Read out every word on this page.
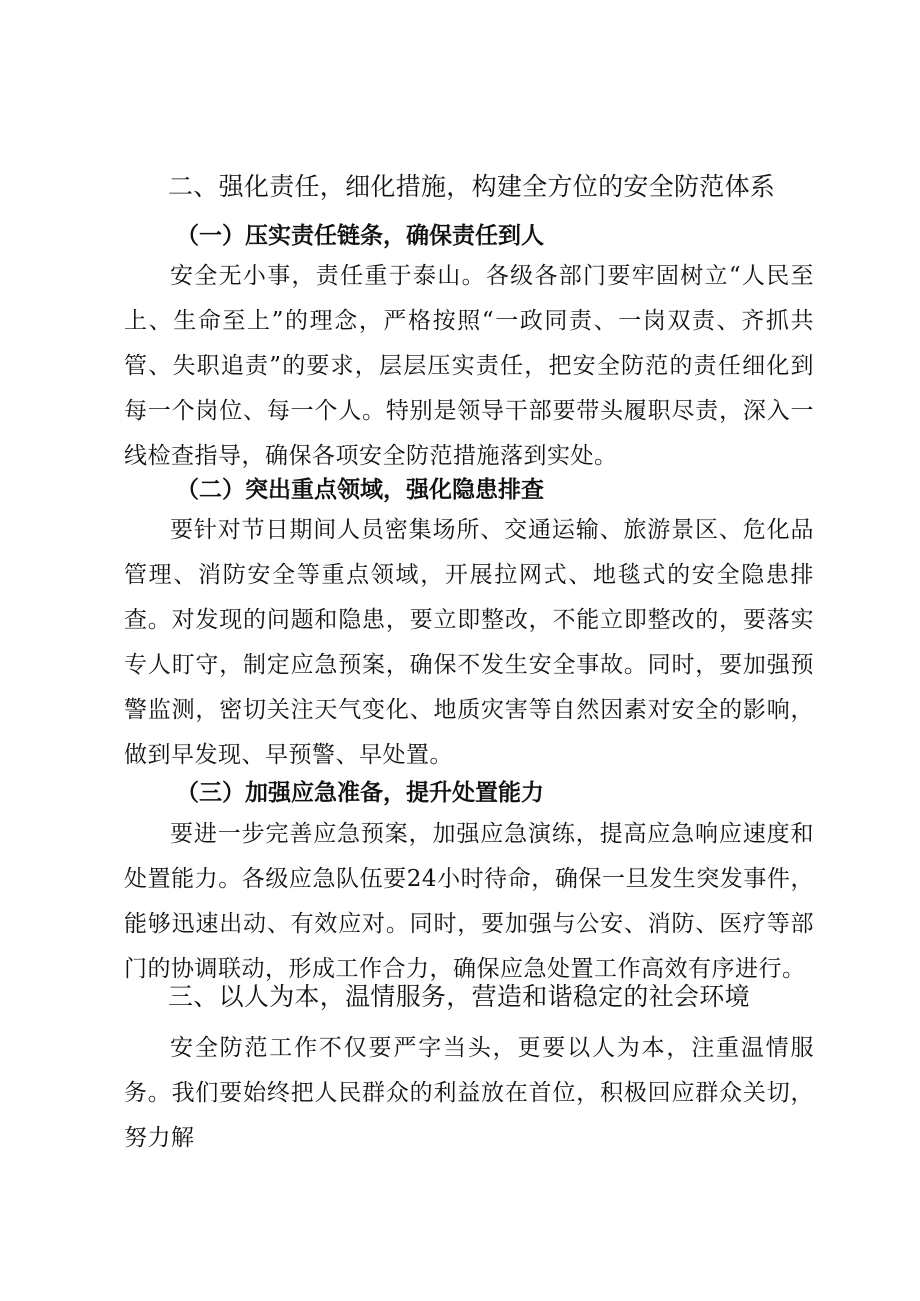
二、强化责任，细化措施，构建全方位的安全防范体系
（一）压实责任链条，确保责任到人
安全无小事，责任重于泰山。各级各部门要牢固树立“人民至上、生命至上”的理念，严格按照“一政同责、一岗双责、齐抓共管、失职追责”的要求，层层压实责任，把安全防范的责任细化到每一个岗位、每一个人。特别是领导干部要带头履职尽责，深入一线检查指导，确保各项安全防范措施落到实处。
（二）突出重点领域，强化隐患排查
要针对节日期间人员密集场所、交通运输、旅游景区、危化品管理、消防安全等重点领域，开展拉网式、地毯式的安全隐患排查。对发现的问题和隐患，要立即整改，不能立即整改的，要落实专人盯守，制定应急预案，确保不发生安全事故。同时，要加强预警监测，密切关注天气变化、地质灾害等自然因素对安全的影响，做到早发现、早预警、早处置。
（三）加强应急准备，提升处置能力
要进一步完善应急预案，加强应急演练，提高应急响应速度和处置能力。各级应急队伍要24小时待命，确保一旦发生突发事件，能够迅速出动、有效应对。同时，要加强与公安、消防、医疗等部门的协调联动，形成工作合力，确保应急处置工作高效有序进行。
三、以人为本，温情服务，营造和谐稳定的社会环境
安全防范工作不仅要严字当头，更要以人为本，注重温情服务。我们要始终把人民群众的利益放在首位，积极回应群众关切，努力解
